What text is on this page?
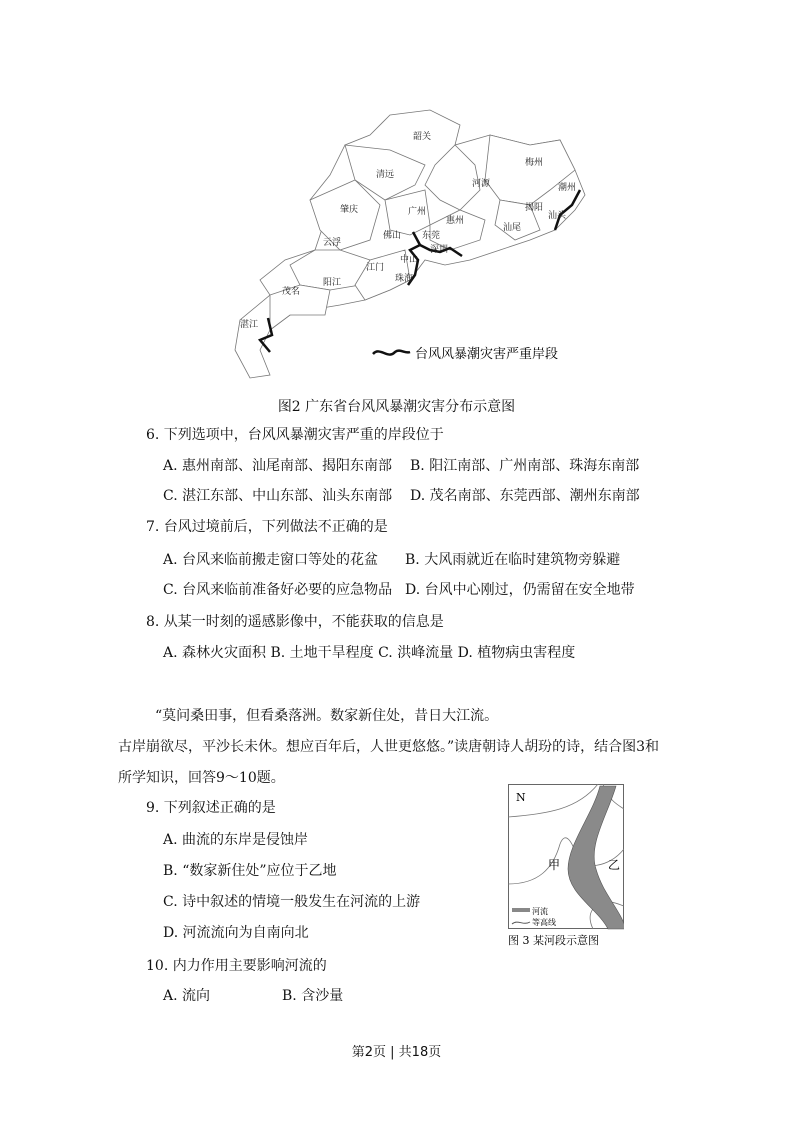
韶关
清远
河源
梅州
潮州
肇庆	广州
惠州
揭阳
汕头
汕尾
佛山 东莞
云浮
深圳
中山
江门
珠海
阳江
茂名
湛江
台风风暴潮灾害严重岸段
图2 广东省台风风暴潮灾害分布示意图
6. 下列选项中，台风风暴潮灾害严重的岸段位于
A. 惠州南部、汕尾南部、揭阳东南部 B. 阳江南部、广州南部、珠海东南部
C. 湛江东部、中山东部、汕头东南部 D. 茂名南部、东莞西部、潮州东南部
7. 台风过境前后，下列做法不正确的是
A. 台风来临前搬走窗口等处的花盆 B. 大风雨就近在临时建筑物旁躲避
C. 台风来临前准备好必要的应急物品 D. 台风中心刚过，仍需留在安全地带
8. 从某一时刻的遥感影像中，不能获取的信息是
A. 森林火灾面积 B. 土地干旱程度 C. 洪峰流量 D. 植物病虫害程度
“莫问桑田事，但看桑落洲。数家新住处，昔日大江流。
古岸崩欲尽，平沙长未休。想应百年后，人世更悠悠。”读唐朝诗人胡玢的诗，结合图3和
所学知识，回答9～10题。
N
甲	乙
河流
等高线
图 3 某河段示意图
9. 下列叙述正确的是
A. 曲流的东岸是侵蚀岸
B. “数家新住处”应位于乙地
C. 诗中叙述的情境一般发生在河流的上游
D. 河流流向为自南向北
10. 内力作用主要影响河流的
A. 流向	B. 含沙量
第2页 | 共18页
